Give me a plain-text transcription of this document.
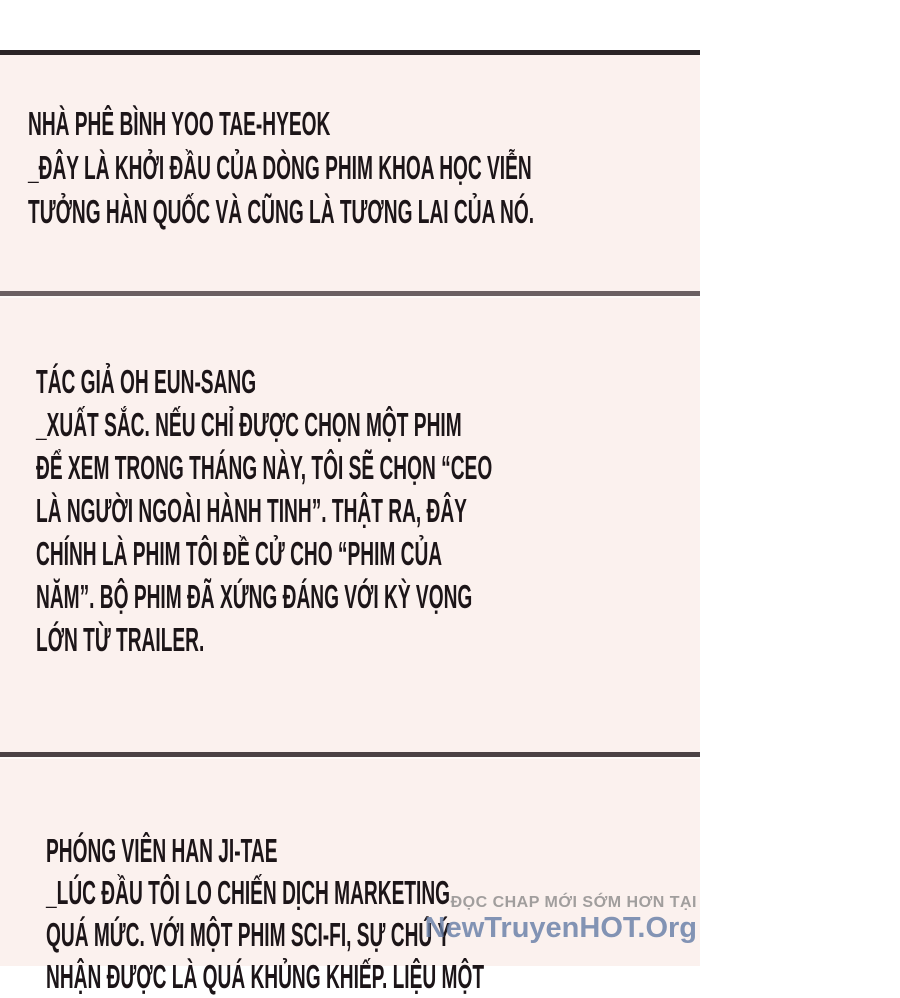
NHÀ PHÊ BÌNH YOO TAE-HYEOK
_ĐÂY LÀ KHỞI ĐẦU CỦA DÒNG PHIM KHOA HỌC VIỄN
TƯỞNG HÀN QUỐC VÀ CŨNG LÀ TƯƠNG LAI CỦA NÓ.
TÁC GIẢ OH EUN-SANG
_XUẤT SẮC. NẾU CHỈ ĐƯỢC CHỌN MỘT PHIM
ĐỂ XEM TRONG THÁNG NÀY, TÔI SẼ CHỌN “CEO
LÀ NGƯỜI NGOÀI HÀNH TINH”. THẬT RA, ĐÂY
CHÍNH LÀ PHIM TÔI ĐỀ CỬ CHO “PHIM CỦA
NĂM”. BỘ PHIM ĐÃ XỨNG ĐÁNG VỚI KỲ VỌNG
LỚN TỪ TRAILER.
PHÓNG VIÊN HAN JI-TAE
_LÚC ĐẦU TÔI LO CHIẾN DỊCH MARKETING
QUÁ MỨC. VỚI MỘT PHIM SCI-FI, SỰ CHÚ Ý
NHẬN ĐƯỢC LÀ QUÁ KHỦNG KHIẾP. LIỆU MỘT
ĐỌC CHAP MỚI SỚM HƠN TẠI
NewTruyenHOT.Org
